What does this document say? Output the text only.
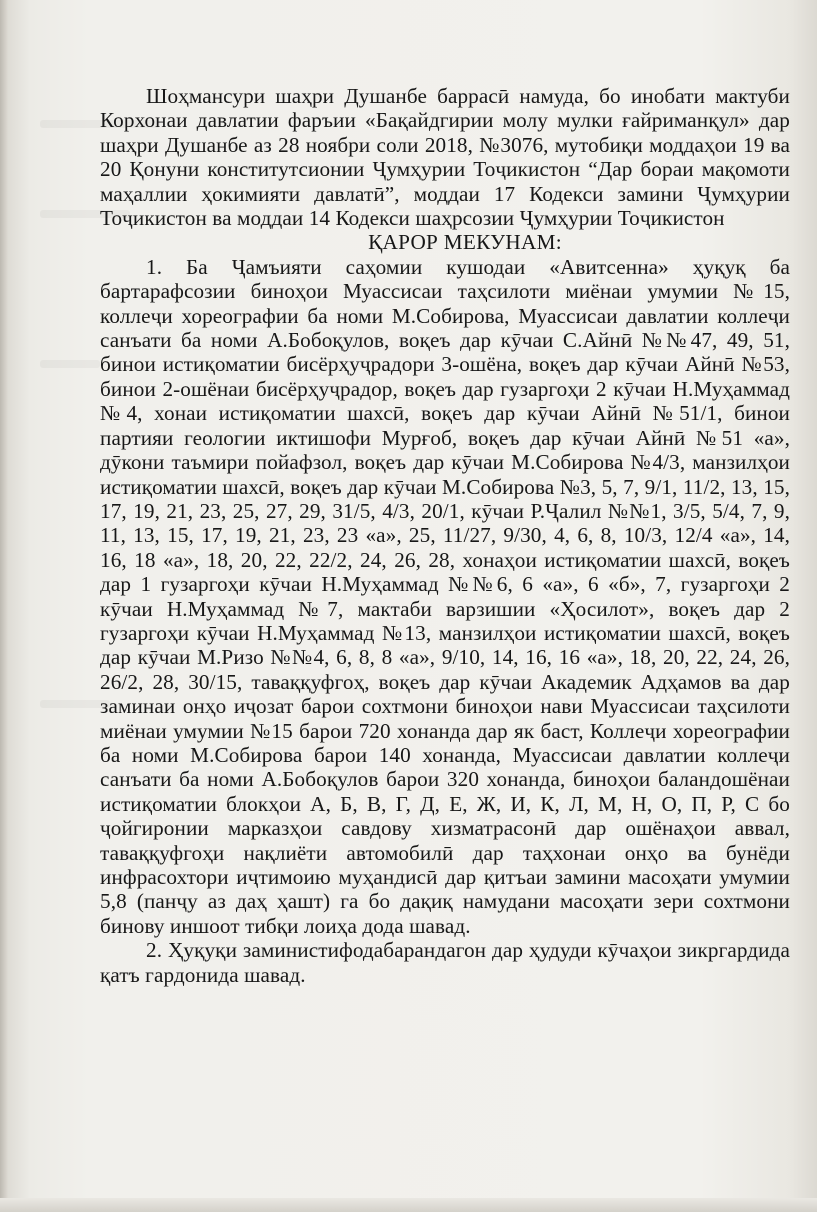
Шоҳмансури шаҳри Душанбе баррасӣ намуда, бо инобати мактуби Корхонаи давлатии фаръии «Бақайдгирии молу мулки ғайриманқул» дар шаҳри Душанбе аз 28 ноябри соли 2018, №3076, мутобиқи моддаҳои 19 ва 20 Қонуни конститутсионии Ҷумҳурии Тоҷикистон “Дар бораи мақомоти маҳаллии ҳокимияти давлатӣ”, моддаи 17 Кодекси замини Ҷумҳурии Тоҷикистон ва моддаи 14 Кодекси шаҳрсозии Ҷумҳурии Тоҷикистон

ҚАРОР МЕКУНАМ:

1. Ба Ҷамъияти саҳомии кушодаи «Авитсенна» ҳуқуқ ба бартарафсозии биноҳои Муассисаи таҳсилоти миёнаи умумии №15, коллеҷи хореографии ба номи М.Собирова, Муассисаи давлатии коллеҷи санъати ба номи А.Бобоқулов, воқеъ дар кӯчаи С.Айнӣ №№47, 49, 51, бинои истиқоматии бисёрҳуҷрадори 3-ошёна, воқеъ дар кӯчаи Айнӣ №53, бинои 2-ошёнаи бисёрҳуҷрадор, воқеъ дар гузаргоҳи 2 кӯчаи Н.Муҳаммад №4, хонаи истиқоматии шахсӣ, воқеъ дар кӯчаи Айнӣ №51/1, бинои партияи геологии иктишофи Мурғоб, воқеъ дар кӯчаи Айнӣ №51 «а», дӯкони таъмири пойафзол, воқеъ дар кӯчаи М.Собирова №4/3, манзилҳои истиқоматии шахсӣ, воқеъ дар кӯчаи М.Собирова №3, 5, 7, 9/1, 11/2, 13, 15, 17, 19, 21, 23, 25, 27, 29, 31/5, 4/3, 20/1, кӯчаи Р.Ҷалил №№1, 3/5, 5/4, 7, 9, 11, 13, 15, 17, 19, 21, 23, 23 «а», 25, 11/27, 9/30, 4, 6, 8, 10/3, 12/4 «а», 14, 16, 18 «а», 18, 20, 22, 22/2, 24, 26, 28, хонаҳои истиқоматии шахсӣ, воқеъ дар 1 гузаргоҳи кӯчаи Н.Муҳаммад №№6, 6 «а», 6 «б», 7, гузаргоҳи 2 кӯчаи Н.Муҳаммад №7, мактаби варзишии «Ҳосилот», воқеъ дар 2 гузаргоҳи кӯчаи Н.Муҳаммад №13, манзилҳои истиқоматии шахсӣ, воқеъ дар кӯчаи М.Ризо №№4, 6, 8, 8 «а», 9/10, 14, 16, 16 «а», 18, 20, 22, 24, 26, 26/2, 28, 30/15, таваққуфгоҳ, воқеъ дар кӯчаи Академик Адҳамов ва дар заминаи онҳо иҷозат барои сохтмони биноҳои нави Муассисаи таҳсилоти миёнаи умумии №15 барои 720 хонанда дар як баст, Коллеҷи хореографии ба номи М.Собирова барои 140 хонанда, Муассисаи давлатии коллеҷи санъати ба номи А.Бобоқулов барои 320 хонанда, биноҳои баландошёнаи истиқоматии блокҳои А, Б, В, Г, Д, Е, Ж, И, К, Л, М, Н, О, П, Р, С бо ҷойгиронии марказҳои савдову хизматрасонӣ дар ошёнаҳои аввал, таваққуфгоҳи нақлиёти автомобилӣ дар таҳхонаи онҳо ва бунёди инфрасохтори иҷтимоию муҳандисӣ дар қитъаи замини масоҳати умумии 5,8 (панҷу аз даҳ ҳашт) га бо дақиқ намудани масоҳати зери сохтмони бинову иншоот тибқи лоиҳа дода шавад.

2. Ҳуқуқи заминистифодабарандагон дар ҳудуди кӯчаҳои зикргардида қатъ гардонида шавад.
